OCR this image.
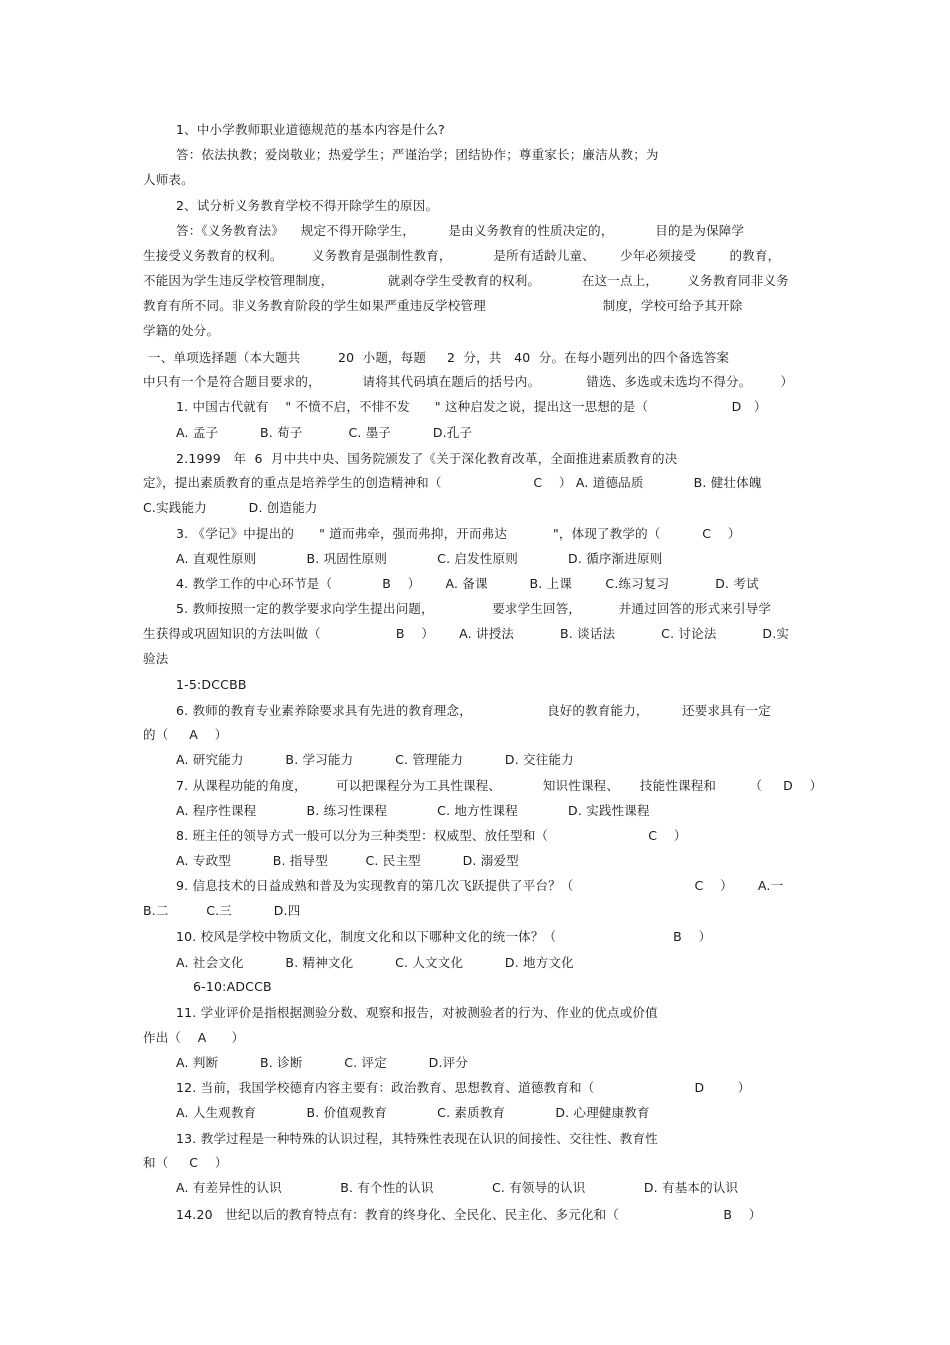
1、中小学教师职业道德规范的基本内容是什么?
答：依法执教；爱岗敬业；热爱学生；严谨治学；团结协作；尊重家长；廉洁从教；为
人师表。
2、试分析义务教育学校不得开除学生的原因。
答：《义务教育法》    规定不得开除学生，        是由义务教育的性质决定的，          目的是为保障学
生接受义务教育的权利。       义务教育是强制性教育，          是所有适龄儿童、      少年必须接受        的教育，
不能因为学生违反学校管理制度，             就剥夺学生受教育的权利。          在这一点上，       义务教育同非义务
教育有所不同。非义务教育阶段的学生如果严重违反学校管理                            制度，学校可给予其开除
学籍的处分。
一、单项选择题（本大题共         20  小题，每题     2  分，共   40  分。在每小题列出的四个备选答案
中只有一个是符合题目要求的，          请将其代码填在题后的括号内。           错选、多选或未选均不得分。       ）
1. 中国古代就有    " 不愤不启，不悱不发      " 这种启发之说，提出这一思想的是（                    D   ）
A. 孟子          B. 荀子           C. 墨子          D.孔子
2.1999   年  6  月中共中央、国务院颁发了《关于深化教育改革，全面推进素质教育的决
定》，提出素质教育的重点是培养学生的创造精神和（                      C    ） A. 道德品质            B. 健壮体魄
C.实践能力          D. 创造能力
3. 《学记》中提出的      " 道而弗牵，强而弗抑，开而弗达           "，体现了教学的（          C    ）
A. 直观性原则            B. 巩固性原则            C. 启发性原则            D. 循序渐进原则
4. 教学工作的中心环节是（            B    ）      A. 备课          B. 上课        C.练习复习           D. 考试
5. 教师按照一定的教学要求向学生提出问题，              要求学生回答，         并通过回答的形式来引导学
生获得或巩固知识的方法叫做（                  B    ）      A. 讲授法           B. 谈话法           C. 讨论法           D.实
验法
1-5:DCCBB
6. 教师的教育专业素养除要求具有先进的教育理念，                  良好的教育能力，        还要求具有一定
的（     A    ）
A. 研究能力          B. 学习能力          C. 管理能力          D. 交往能力
7. 从课程功能的角度，       可以把课程分为工具性课程、          知识性课程、     技能性课程和        （     D    ）
A. 程序性课程            B. 练习性课程            C. 地方性课程            D. 实践性课程
8. 班主任的领导方式一般可以分为三种类型：权威型、放任型和（                        C    ）
A. 专政型          B. 指导型         C. 民主型          D. 溺爱型
9. 信息技术的日益成熟和普及为实现教育的第几次飞跃提供了平台？（                             C    ）      A.一
B.二         C.三          D.四
10. 校风是学校中物质文化，制度文化和以下哪种文化的统一体？（                            B    ）
A. 社会文化          B. 精神文化          C. 人文文化          D. 地方文化
6-10:ADCCB
11. 学业评价是指根据测验分数、观察和报告，对被测验者的行为、作业的优点或价值
作出（    A      ）
A. 判断          B. 诊断          C. 评定          D.评分
12. 当前，我国学校德育内容主要有：政治教育、思想教育、道德教育和（                        D        ）
A. 人生观教育            B. 价值观教育            C. 素质教育            D. 心理健康教育
13. 教学过程是一种特殊的认识过程，其特殊性表现在认识的间接性、交往性、教育性
和（     C    ）
A. 有差异性的认识              B. 有个性的认识              C. 有领导的认识              D. 有基本的认识
14.20   世纪以后的教育特点有：教育的终身化、全民化、民主化、多元化和（                         B    ）
